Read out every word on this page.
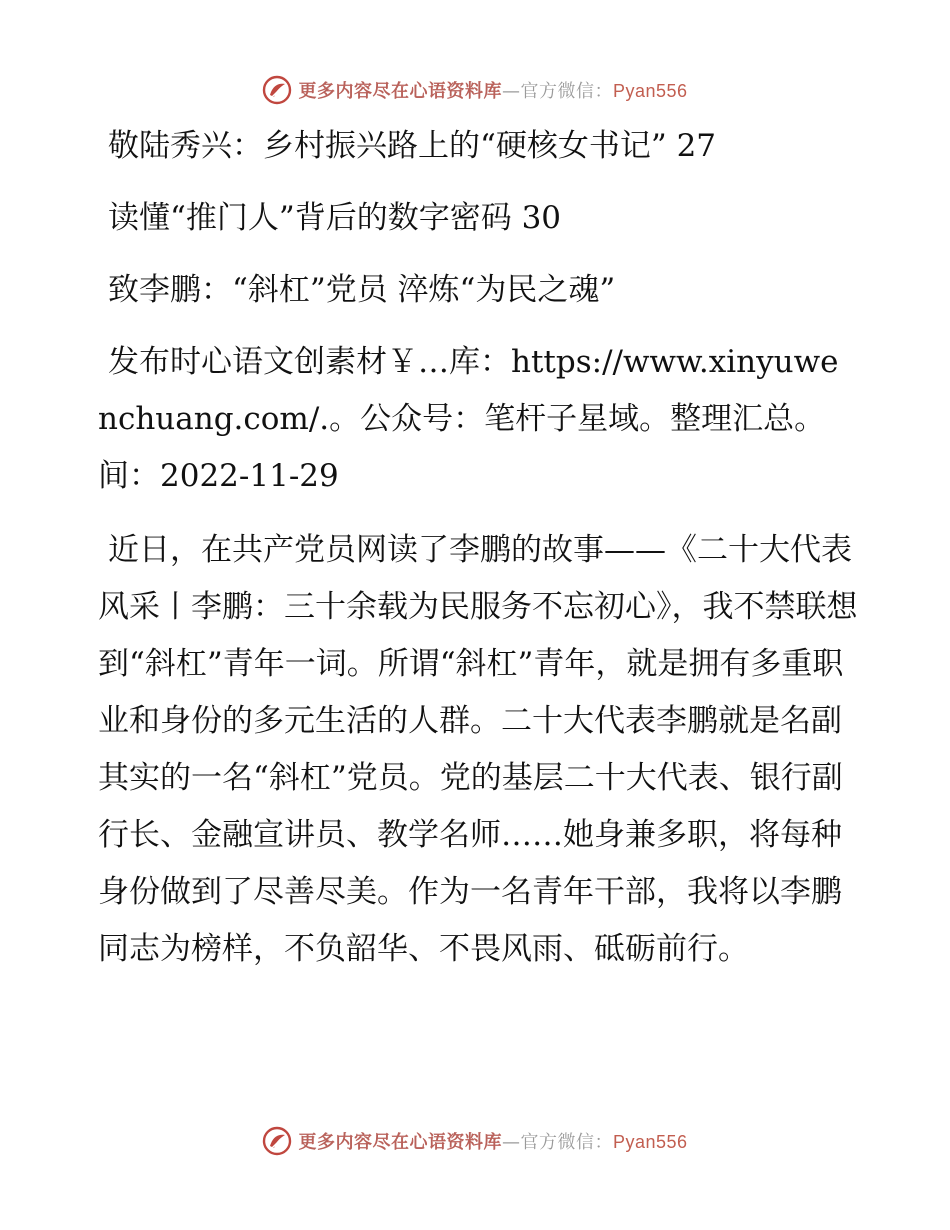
更多内容尽在心语资料库—官方微信：Pyan556

敬陆秀兴：乡村振兴路上的“硬核女书记” 27

读懂“推门人”背后的数字密码 30

致李鹏：“斜杠”党员 淬炼“为民之魂”

发布时心语文创素材￥…库：https://www.xinyuwenchuang.com/.。公众号：笔杆子星域。整理汇总。间：2022-11-29

近日，在共产党员网读了李鹏的故事——《二十大代表风采丨李鹏：三十余载为民服务不忘初心》，我不禁联想到“斜杠”青年一词。所谓“斜杠”青年，就是拥有多重职业和身份的多元生活的人群。二十大代表李鹏就是名副其实的一名“斜杠”党员。党的基层二十大代表、银行副行长、金融宣讲员、教学名师……她身兼多职，将每种身份做到了尽善尽美。作为一名青年干部，我将以李鹏同志为榜样，不负韶华、不畏风雨、砥砺前行。

更多内容尽在心语资料库—官方微信：Pyan556
